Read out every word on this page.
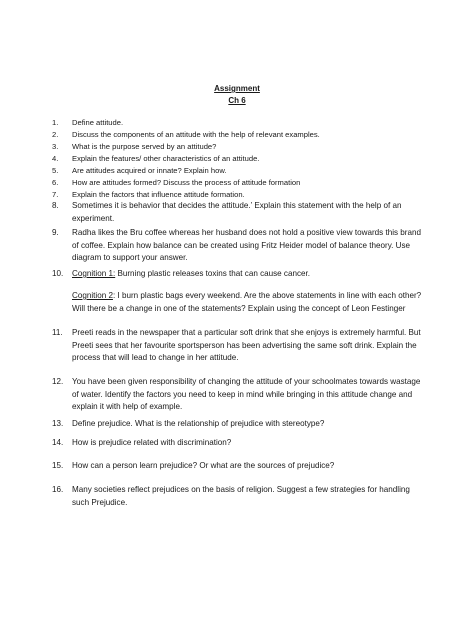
Assignment
Ch 6
1.	Define attitude.
2.	Discuss the components of an attitude with the help of relevant examples.
3.	What is the purpose served by an attitude?
4.	Explain the features/ other characteristics of an attitude.
5.	Are attitudes acquired or innate? Explain how.
6.	How are attitudes formed? Discuss the process of attitude formation
7.	Explain the factors that influence attitude formation.
8.	Sometimes it is behavior that decides the attitude.’ Explain this statement with the help of an experiment.
9.	Radha likes the Bru coffee whereas her husband does not hold a positive view towards this brand of coffee. Explain how balance can be created using Fritz Heider model of balance theory. Use diagram to support your answer.
10.	Cognition 1: Burning plastic releases toxins that can cause cancer.
Cognition 2: I burn plastic bags every weekend. Are the above statements in line with each other? Will there be a change in one of the statements? Explain using the concept of Leon Festinger
11.	Preeti reads in the newspaper that a particular soft drink that she enjoys is extremely harmful. But Preeti sees that her favourite sportsperson has been advertising the same soft drink. Explain the process that will lead to change in her attitude.
12.	You have been given responsibility of changing the attitude of your schoolmates towards wastage of water. Identify the factors you need to keep in mind while bringing in this attitude change and explain it with help of example.
13.	Define prejudice. What is the relationship of prejudice with stereotype?
14.	How is prejudice related with discrimination?
15.	How can a person learn prejudice? Or what are the sources of prejudice?
16.	Many societies reflect prejudices on the basis of religion. Suggest a few strategies for handling such Prejudice.
